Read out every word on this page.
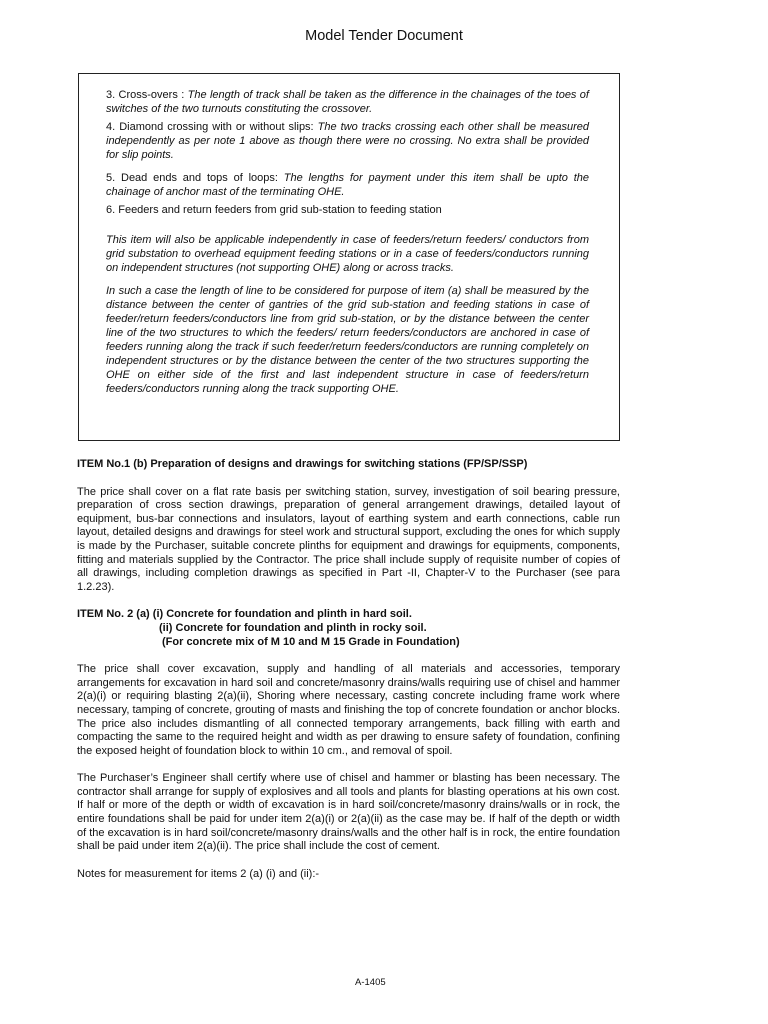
Model Tender Document

3. Cross-overs : The length of track shall be taken as the difference in the chainages of the toes of switches of the two turnouts constituting the crossover.

4. Diamond crossing with or without slips: The two tracks crossing each other shall be measured independently as per note 1 above as though there were no crossing. No extra shall be provided for slip points.

5. Dead ends and tops of loops: The lengths for payment under this item shall be upto the chainage of anchor mast of the terminating OHE.

6. Feeders and return feeders from grid sub-station to feeding station

This item will also be applicable independently in case of feeders/return feeders/ conductors from grid substation to overhead equipment feeding stations or in a case of feeders/conductors running on independent structures (not supporting OHE) along or across tracks.

In such a case the length of line to be considered for purpose of item (a) shall be measured by the distance between the center of gantries of the grid sub-station and feeding stations in case of feeder/return feeders/conductors line from grid sub-station, or by the distance between the center line of the two structures to which the feeders/ return feeders/conductors are anchored in case of feeders running along the track if such feeder/return feeders/conductors are running completely on independent structures or by the distance between the center of the two structures supporting the OHE on either side of the first and last independent structure in case of feeders/return feeders/conductors running along the track supporting OHE.

ITEM No.1 (b) Preparation of designs and drawings for switching stations (FP/SP/SSP)

The price shall cover on a flat rate basis per switching station, survey, investigation of soil bearing pressure, preparation of cross section drawings, preparation of general arrangement drawings, detailed layout of equipment, bus-bar connections and insulators, layout of earthing system and earth connections, cable run layout, detailed designs and drawings for steel work and structural support, excluding the ones for which supply is made by the Purchaser, suitable concrete plinths for equipment and drawings for equipments, components, fitting and materials supplied by the Contractor. The price shall include supply of requisite number of copies of all drawings, including completion drawings as specified in Part -II, Chapter-V to the Purchaser (see para 1.2.23).

ITEM No. 2 (a) (i) Concrete for foundation and plinth in hard soil.
(ii) Concrete for foundation and plinth in rocky soil.
(For concrete mix of M 10 and M 15 Grade in Foundation)

The price shall cover excavation, supply and handling of all materials and accessories, temporary arrangements for excavation in hard soil and concrete/masonry drains/walls requiring use of chisel and hammer 2(a)(i) or requiring blasting 2(a)(ii), Shoring where necessary, casting concrete including frame work where necessary, tamping of concrete, grouting of masts and finishing the top of concrete foundation or anchor blocks. The price also includes dismantling of all connected temporary arrangements, back filling with earth and compacting the same to the required height and width as per drawing to ensure safety of foundation, confining the exposed height of foundation block to within 10 cm., and removal of spoil.

The Purchaser’s Engineer shall certify where use of chisel and hammer or blasting has been necessary. The contractor shall arrange for supply of explosives and all tools and plants for blasting operations at his own cost. If half or more of the depth or width of excavation is in hard soil/concrete/masonry drains/walls or in rock, the entire foundations shall be paid for under item 2(a)(i) or 2(a)(ii) as the case may be. If half of the depth or width of the excavation is in hard soil/concrete/masonry drains/walls and the other half is in rock, the entire foundation shall be paid under item 2(a)(ii). The price shall include the cost of cement.

Notes for measurement for items 2 (a) (i) and (ii):-

A-1405
